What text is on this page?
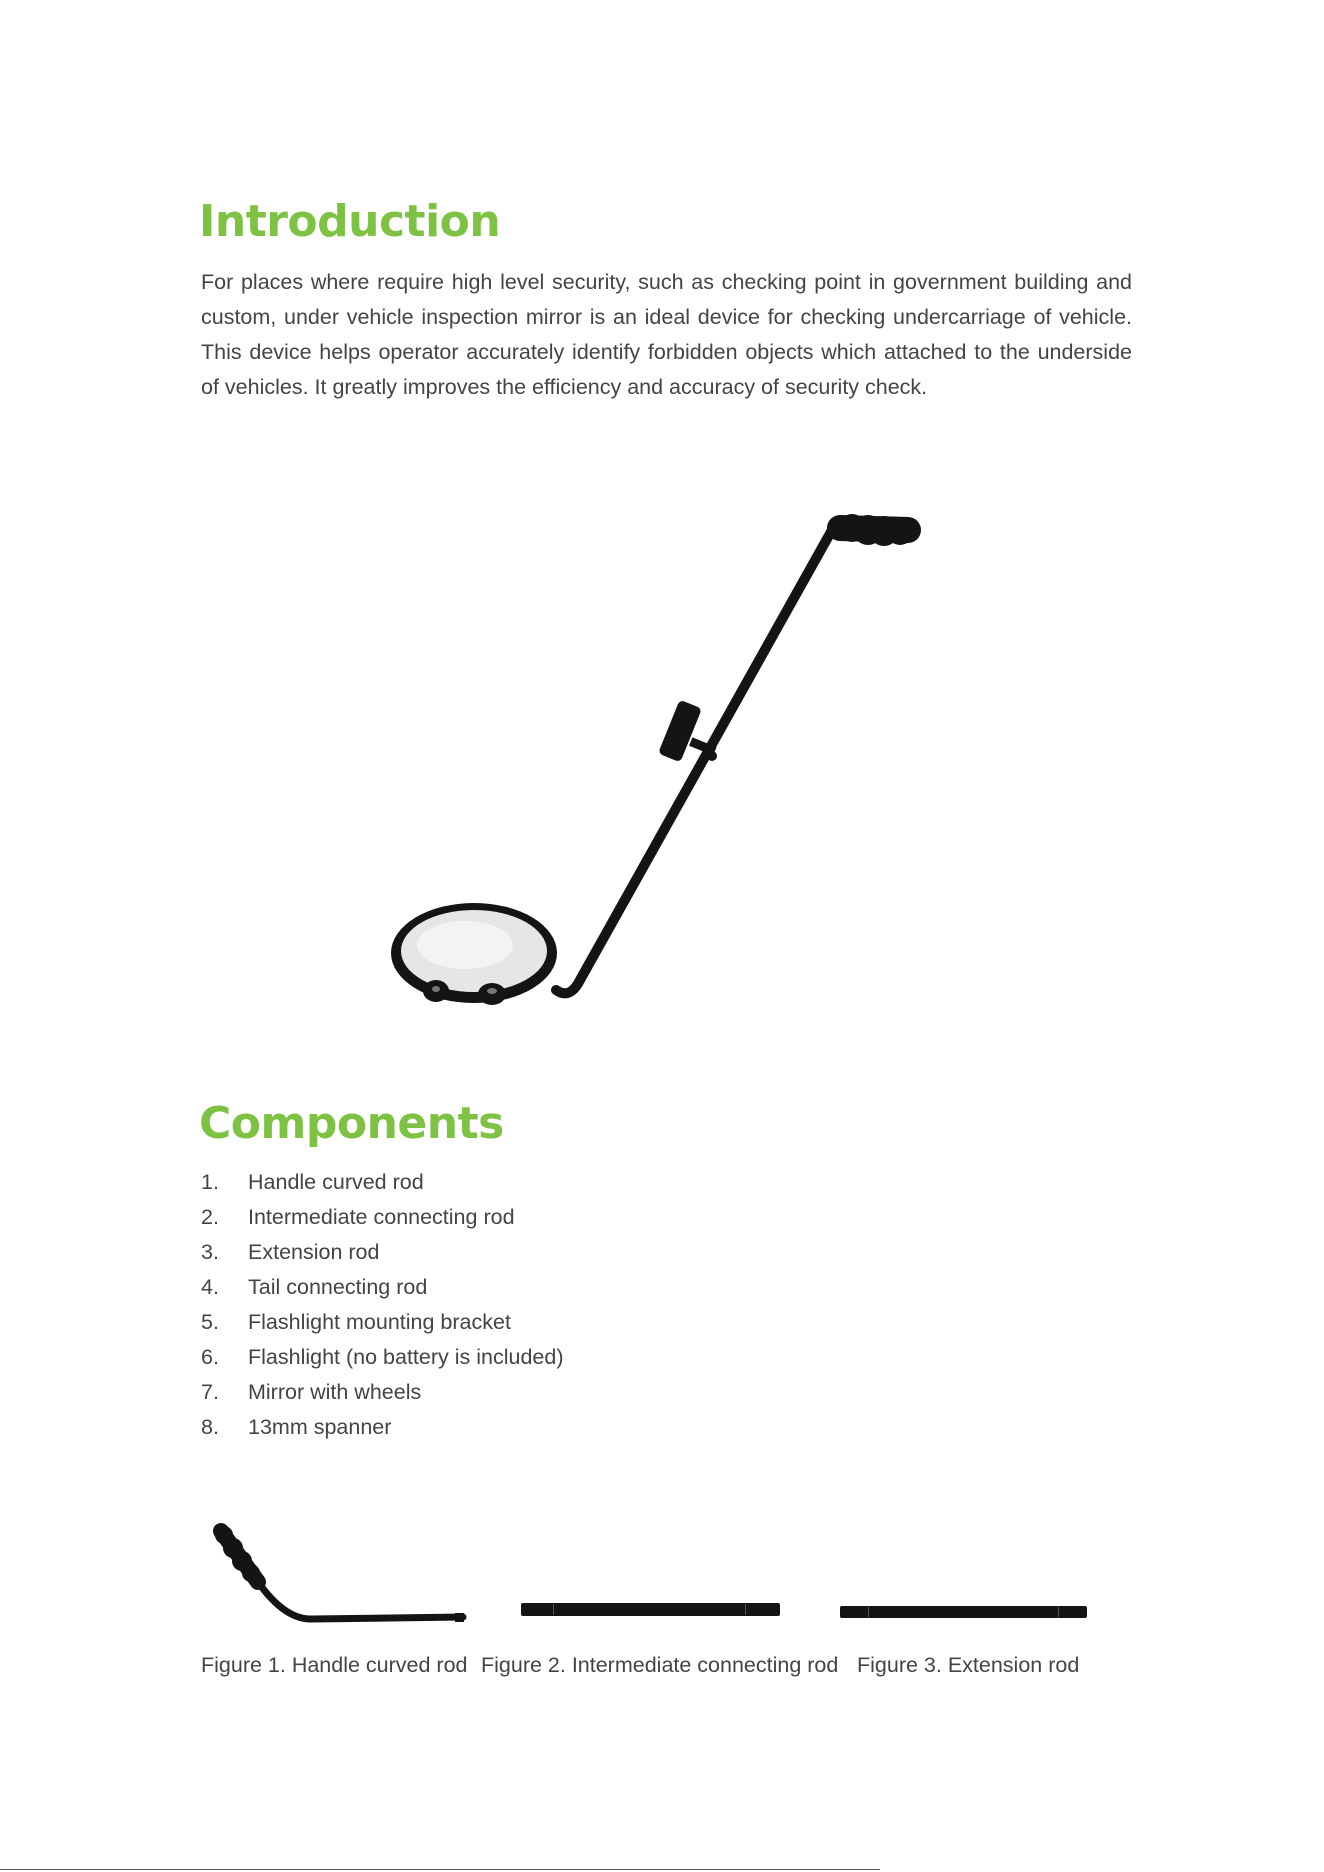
Introduction

For places where require high level security, such as checking point in government building and custom, under vehicle inspection mirror is an ideal device for checking undercarriage of vehicle. This device helps operator accurately identify forbidden objects which attached to the underside of vehicles. It greatly improves the efficiency and accuracy of security check.

Components
1.	Handle curved rod
2.	Intermediate connecting rod
3.	Extension rod
4.	Tail connecting rod
5.	Flashlight mounting bracket
6.	Flashlight (no battery is included)
7.	Mirror with wheels
8.	13mm spanner
Figure 1. Handle curved rod Figure 2. Intermediate connecting rod Figure 3. Extension rod
